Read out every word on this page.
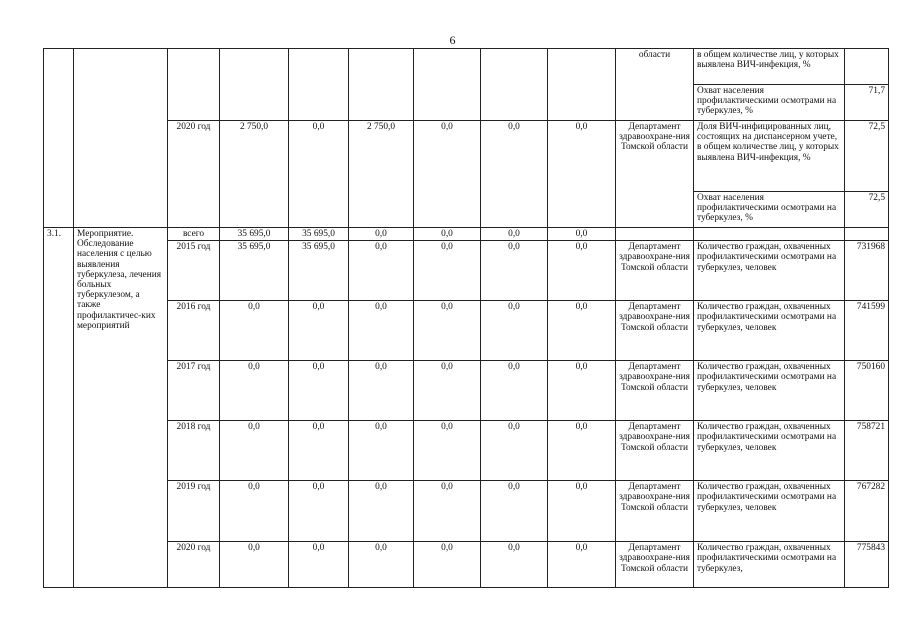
6
									области	в общем количестве лиц, у которых выявлена ВИЧ-инфекция, %	
										Охват населения профилактическими осмотрами на туберкулез, %	71,7
		2020 год	2 750,0	0,0	2 750,0	0,0	0,0	0,0	Департамент здравоохране-ния Томской области	Доля ВИЧ-инфицированных лиц, состоящих на диспансерном учете, в общем количестве лиц, у которых выявлена ВИЧ-инфекция, %	72,5
										Охват населения профилактическими осмотрами на туберкулез, %	72,5
3.1.	Мероприятие. Обследование населения с целью выявления туберкулеза, лечения больных туберкулезом, а также профилактичес-ких мероприятий	всего	35 695,0	35 695,0	0,0	0,0	0,0	0,0			
		2015 год	35 695,0	35 695,0	0,0	0,0	0,0	0,0	Департамент здравоохране-ния Томской области	Количество граждан, охваченных профилактическими осмотрами на туберкулез, человек	731968
		2016 год	0,0	0,0	0,0	0,0	0,0	0,0	Департамент здравоохране-ния Томской области	Количество граждан, охваченных профилактическими осмотрами на туберкулез, человек	741599
		2017 год	0,0	0,0	0,0	0,0	0,0	0,0	Департамент здравоохране-ния Томской области	Количество граждан, охваченных профилактическими осмотрами на туберкулез, человек	750160
		2018 год	0,0	0,0	0,0	0,0	0,0	0,0	Департамент здравоохране-ния Томской области	Количество граждан, охваченных профилактическими осмотрами на туберкулез, человек	758721
		2019 год	0,0	0,0	0,0	0,0	0,0	0,0	Департамент здравоохране-ния Томской области	Количество граждан, охваченных профилактическими осмотрами на туберкулез, человек	767282
		2020 год	0,0	0,0	0,0	0,0	0,0	0,0	Департамент здравоохране-ния Томской области	Количество граждан, охваченных профилактическими осмотрами на туберкулез,	775843
